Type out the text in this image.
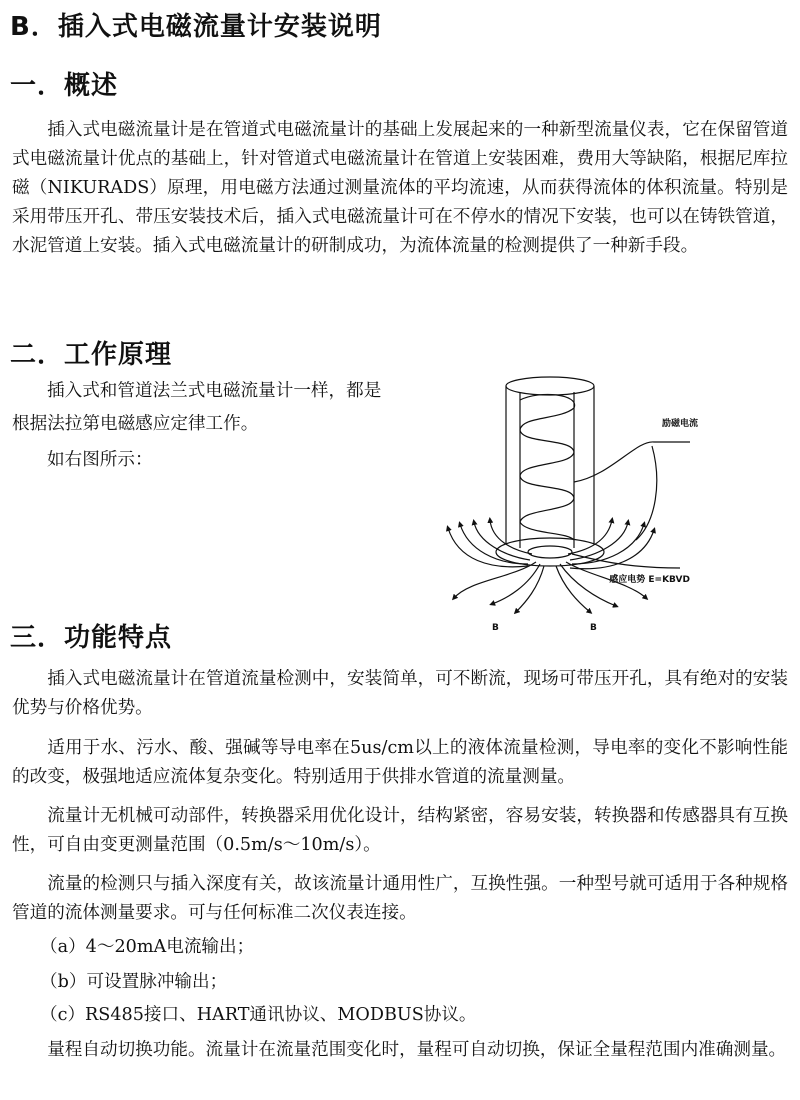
B．插入式电磁流量计安装说明
一．概述

插入式电磁流量计是在管道式电磁流量计的基础上发展起来的一种新型流量仪表，它在保留管道式电磁流量计优点的基础上，针对管道式电磁流量计在管道上安装困难，费用大等缺陷，根据尼库拉磁（NIKURADS）原理，用电磁方法通过测量流体的平均流速，从而获得流体的体积流量。特别是采用带压开孔、带压安装技术后，插入式电磁流量计可在不停水的情况下安装，也可以在铸铁管道，水泥管道上安装。插入式电磁流量计的研制成功，为流体流量的检测提供了一种新手段。

二．工作原理

插入式和管道法兰式电磁流量计一样，都是

根据法拉第电磁感应定律工作。

如右图所示：

励磁电流
感应电势 E=KBVD
B	B
三．功能特点

插入式电磁流量计在管道流量检测中，安装简单，可不断流，现场可带压开孔，具有绝对的安装优势与价格优势。

适用于水、污水、酸、强碱等导电率在5us/cm以上的液体流量检测，导电率的变化不影响性能的改变，极强地适应流体复杂变化。特别适用于供排水管道的流量测量。

流量计无机械可动部件，转换器采用优化设计，结构紧密，容易安装，转换器和传感器具有互换性，可自由变更测量范围（0.5m/s～10m/s）。

流量的检测只与插入深度有关，故该流量计通用性广，互换性强。一种型号就可适用于各种规格管道的流体测量要求。可与任何标准二次仪表连接。

（a）4～20mA电流输出；

（b）可设置脉冲输出；

（c）RS485接口、HART通讯协议、MODBUS协议。

量程自动切换功能。流量计在流量范围变化时，量程可自动切换，保证全量程范围内准确测量。
